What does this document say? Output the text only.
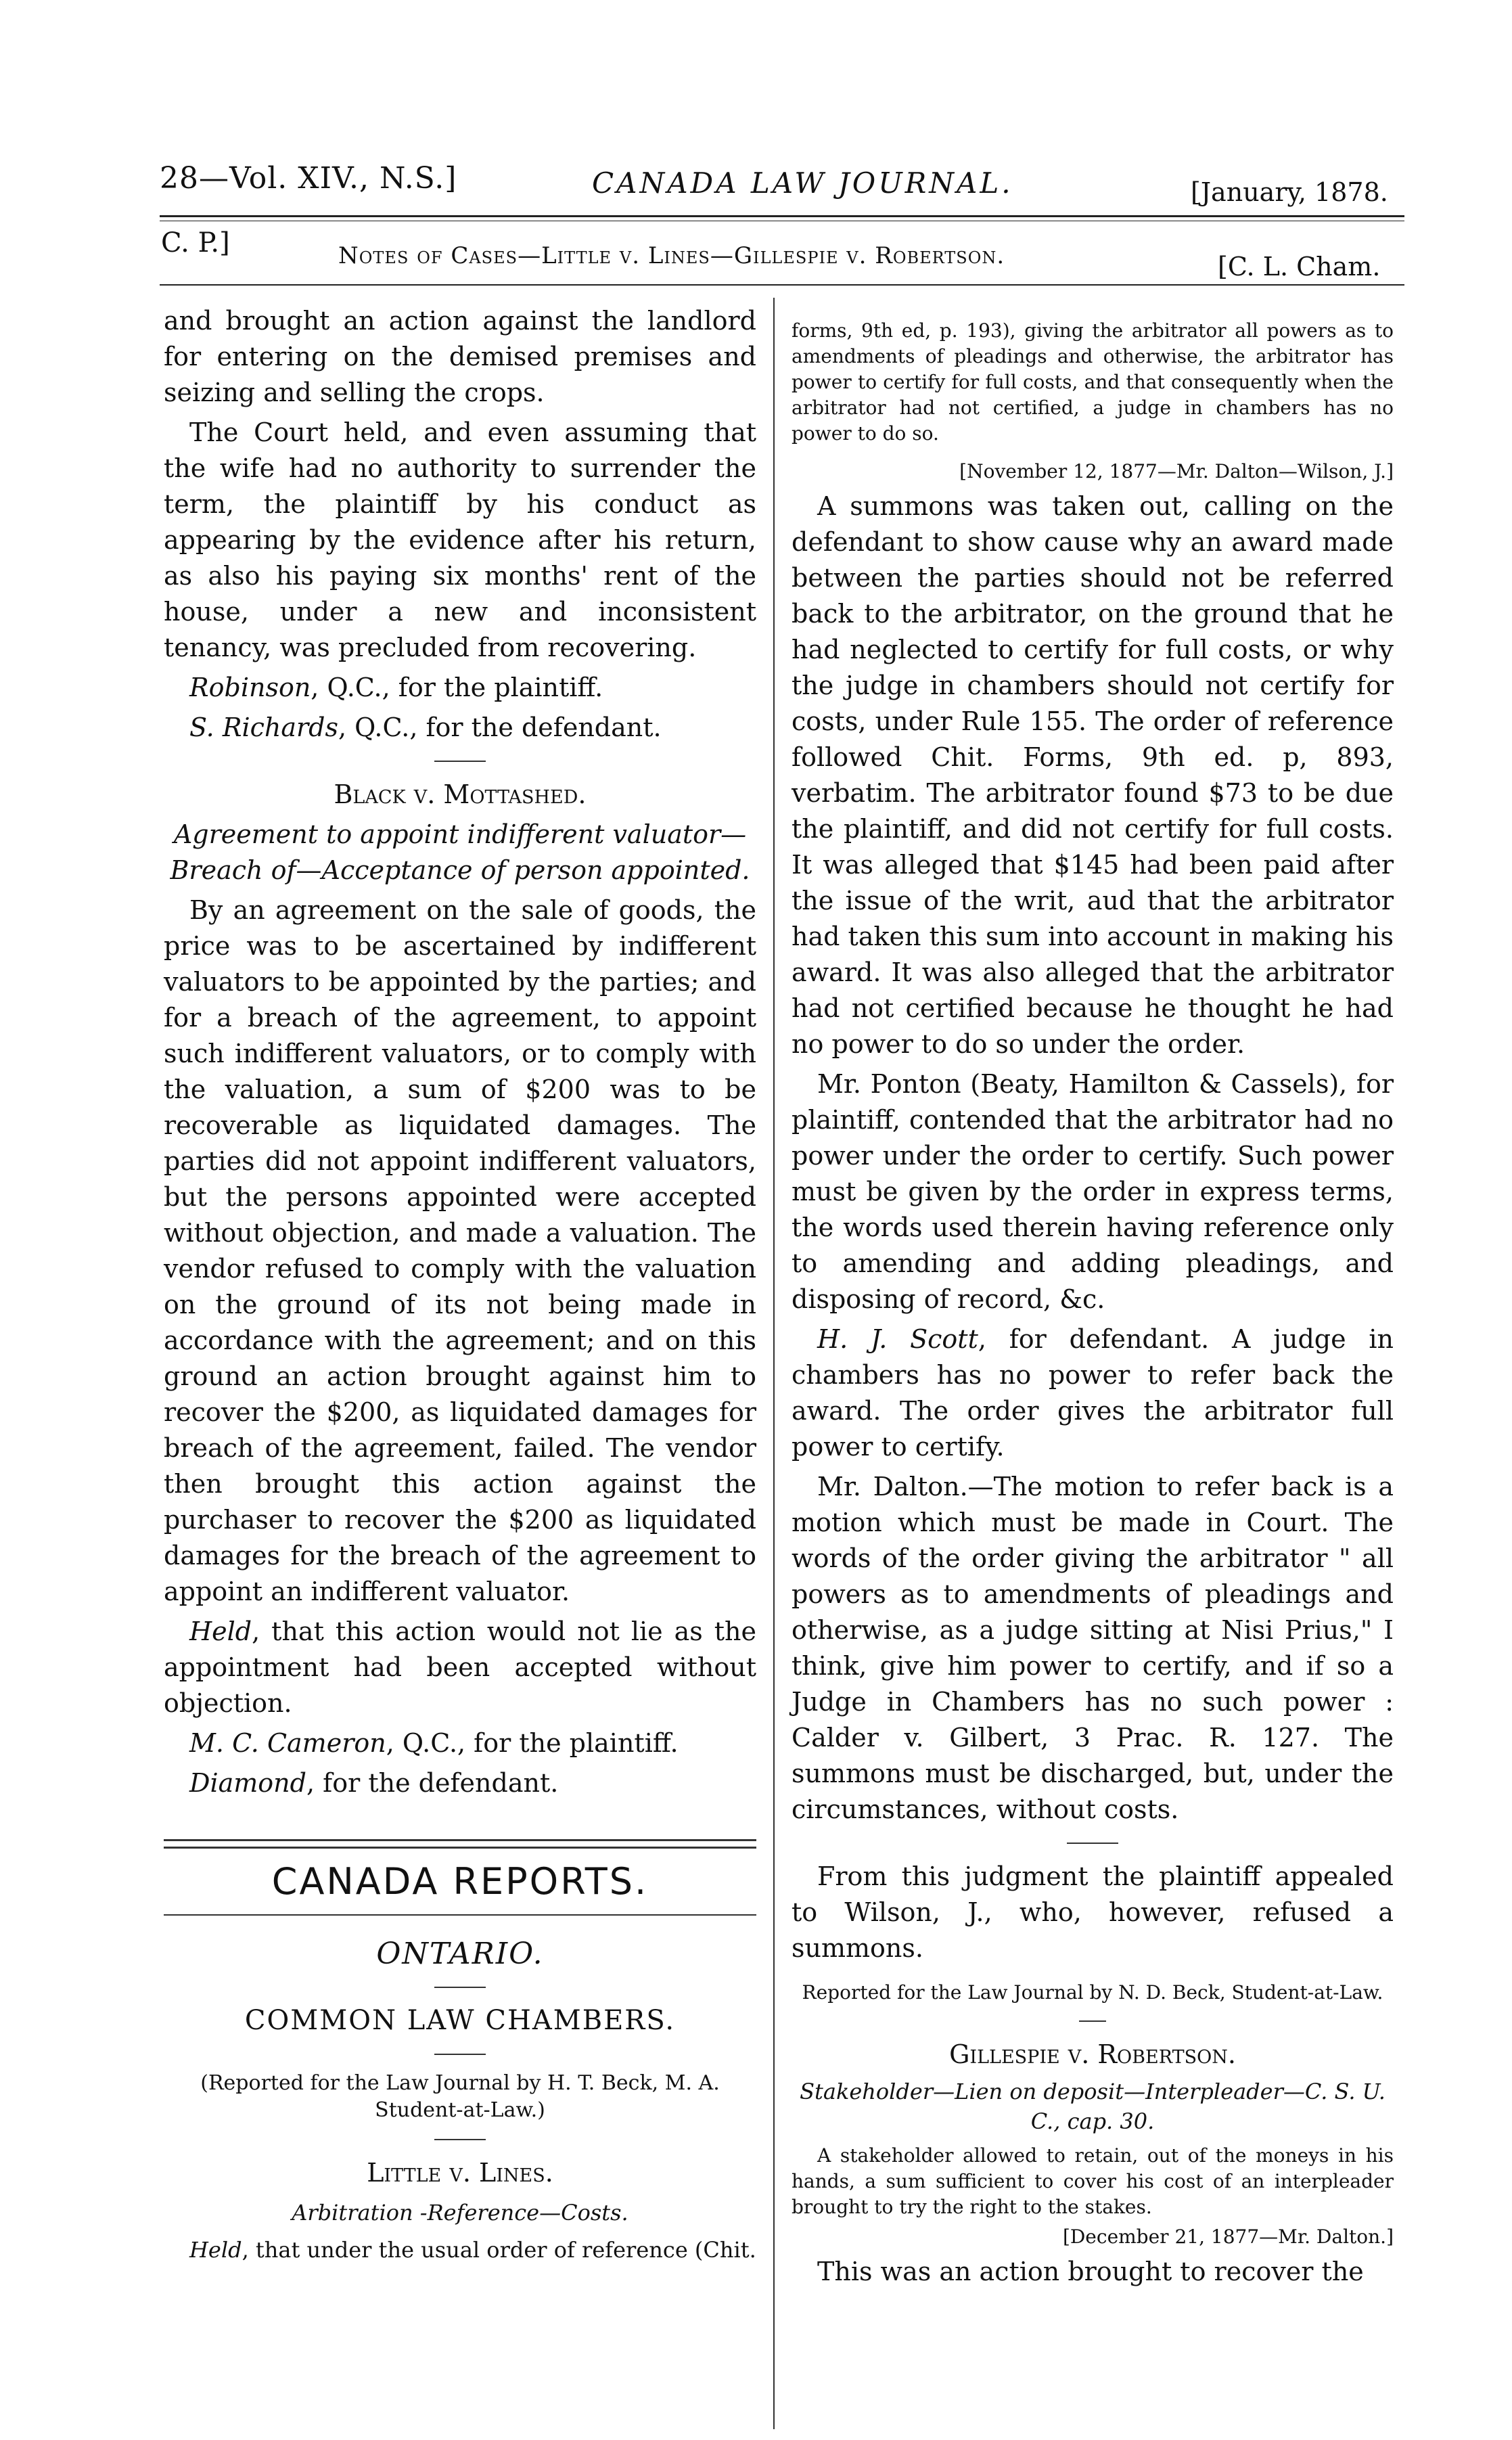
28—Vol. XIV., N.S.]	CANADA LAW JOURNAL.	[January, 1878.
C. P.]	Notes of Cases—Little v. Lines—Gillespie v. Robertson.	[C. L. Cham.

and brought an action against the landlord for entering on the demised premises and seizing and selling the crops.

The Court held, and even assuming that the wife had no authority to surrender the term, the plaintiff by his conduct as appearing by the evidence after his return, as also his paying six months' rent of the house, under a new and inconsistent tenancy, was precluded from recovering.

Robinson, Q.C., for the plaintiff.

S. Richards, Q.C., for the defendant.

Black v. Mottashed.

Agreement to appoint indifferent valuator—Breach of—Acceptance of person appointed.

By an agreement on the sale of goods, the price was to be ascertained by indifferent valuators to be appointed by the parties; and for a breach of the agreement, to appoint such indifferent valuators, or to comply with the valuation, a sum of $200 was to be recoverable as liquidated damages. The parties did not appoint indifferent valuators, but the persons appointed were accepted without objection, and made a valuation. The vendor refused to comply with the valuation on the ground of its not being made in accordance with the agreement; and on this ground an action brought against him to recover the $200, as liquidated damages for breach of the agreement, failed. The vendor then brought this action against the purchaser to recover the $200 as liquidated damages for the breach of the agreement to appoint an indifferent valuator.

Held, that this action would not lie as the appointment had been accepted without objection.

M. C. Cameron, Q.C., for the plaintiff.

Diamond, for the defendant.

CANADA REPORTS.

ONTARIO.

COMMON LAW CHAMBERS.

(Reported for the Law Journal by H. T. Beck, M. A. Student-at-Law.)

Little v. Lines.

Arbitration -Reference—Costs.

Held, that under the usual order of reference (Chit.

forms, 9th ed, p. 193), giving the arbitrator all powers as to amendments of pleadings and otherwise, the arbitrator has power to certify for full costs, and that consequently when the arbitrator had not certified, a judge in chambers has no power to do so.

[November 12, 1877—Mr. Dalton—Wilson, J.]

A summons was taken out, calling on the defendant to show cause why an award made between the parties should not be referred back to the arbitrator, on the ground that he had neglected to certify for full costs, or why the judge in chambers should not certify for costs, under Rule 155. The order of reference followed Chit. Forms, 9th ed. p, 893, verbatim. The arbitrator found $73 to be due the plaintiff, and did not certify for full costs. It was alleged that $145 had been paid after the issue of the writ, aud that the arbitrator had taken this sum into account in making his award. It was also alleged that the arbitrator had not certified because he thought he had no power to do so under the order.

Mr. Ponton (Beaty, Hamilton & Cassels), for plaintiff, contended that the arbitrator had no power under the order to certify. Such power must be given by the order in express terms, the words used therein having reference only to amending and adding pleadings, and disposing of record, &c.

H. J. Scott, for defendant. A judge in chambers has no power to refer back the award. The order gives the arbitrator full power to certify.

Mr. Dalton.—The motion to refer back is a motion which must be made in Court. The words of the order giving the arbitrator " all powers as to amendments of pleadings and otherwise, as a judge sitting at Nisi Prius," I think, give him power to certify, and if so a Judge in Chambers has no such power : Calder v. Gilbert, 3 Prac. R. 127. The summons must be discharged, but, under the circumstances, without costs.

From this judgment the plaintiff appealed to Wilson, J., who, however, refused a summons.

Reported for the Law Journal by N. D. Beck, Student-at-Law.

Gillespie v. Robertson.

Stakeholder—Lien on deposit—Interpleader—C. S. U. C., cap. 30.

A stakeholder allowed to retain, out of the moneys in his hands, a sum sufficient to cover his cost of an interpleader brought to try the right to the stakes.

[December 21, 1877—Mr. Dalton.]

This was an action brought to recover the
